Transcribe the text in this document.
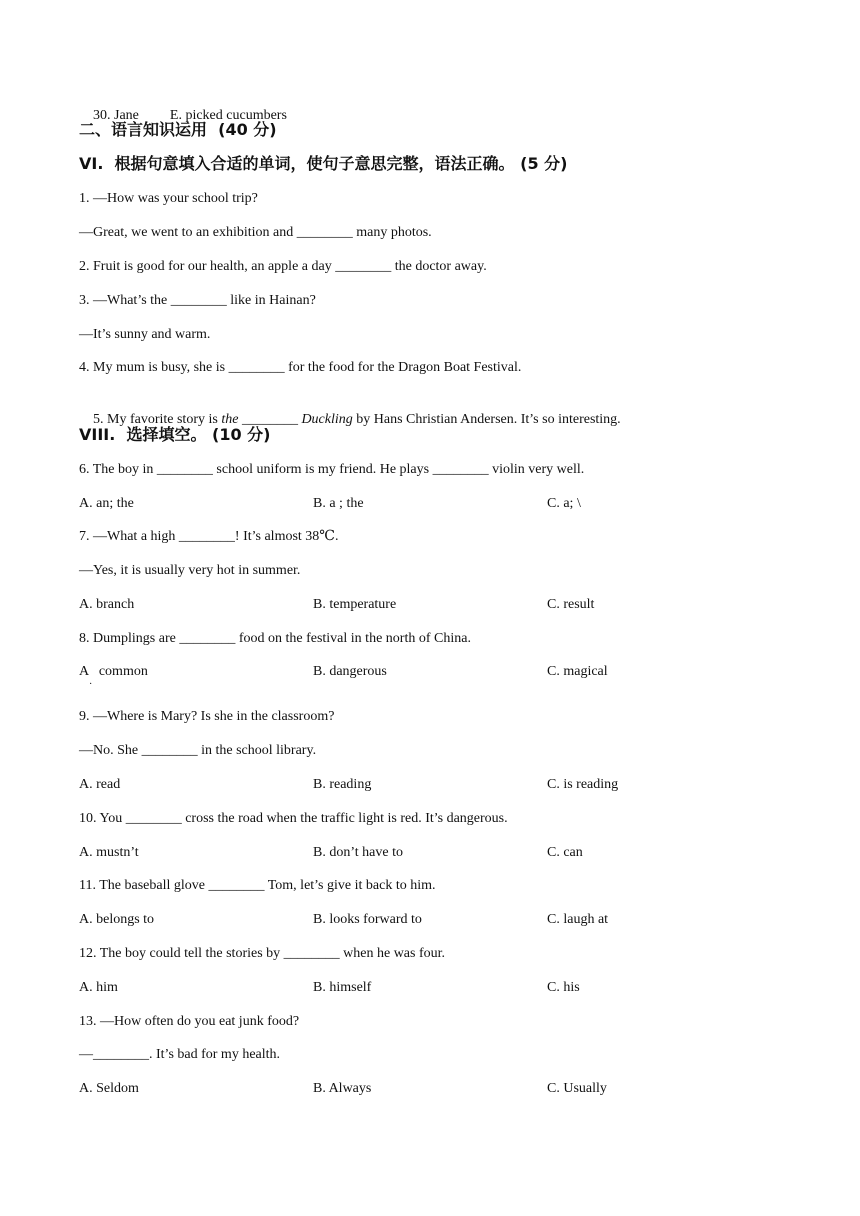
30. Jane E. picked cucumbers

二、语言知识运用  (40 分)
VI.  根据句意填入合适的单词，使句子意思完整，语法正确。 (5 分)
1. —How was your school trip?
—Great, we went to an exhibition and ________ many photos.
2. Fruit is good for our health, an apple a day ________ the doctor away.
3. —What’s the ________ like in Hainan?
—It’s sunny and warm.
4. My mum is busy, she is ________ for the food for the Dragon Boat Festival.

5. My favorite story is the ________ Duckling by Hans Christian Andersen. It’s so interesting.

VIII.  选择填空。 (10 分)
6. The boy in ________ school uniform is my friend. He plays ________ violin very well.
A. an; the	B. a ; the	C. a; \
7. —What a high ________! It’s almost 38℃.
—Yes, it is usually very hot in summer.
A. branch	B. temperature	C. result
8. Dumplings are ________ food on the festival in the north of China.
A   common
·
B. dangerous	C. magical
9. —Where is Mary? Is she in the classroom?
—No. She ________ in the school library.
A. read	B. reading	C. is reading
10. You ________ cross the road when the traffic light is red. It’s dangerous.
A. mustn’t	B. don’t have to	C. can
11. The baseball glove ________ Tom, let’s give it back to him.
A. belongs to	B. looks forward to	C. laugh at
12. The boy could tell the stories by ________ when he was four.
A. him	B. himself	C. his
13. —How often do you eat junk food?
—________. It’s bad for my health.
A. Seldom	B. Always	C. Usually
